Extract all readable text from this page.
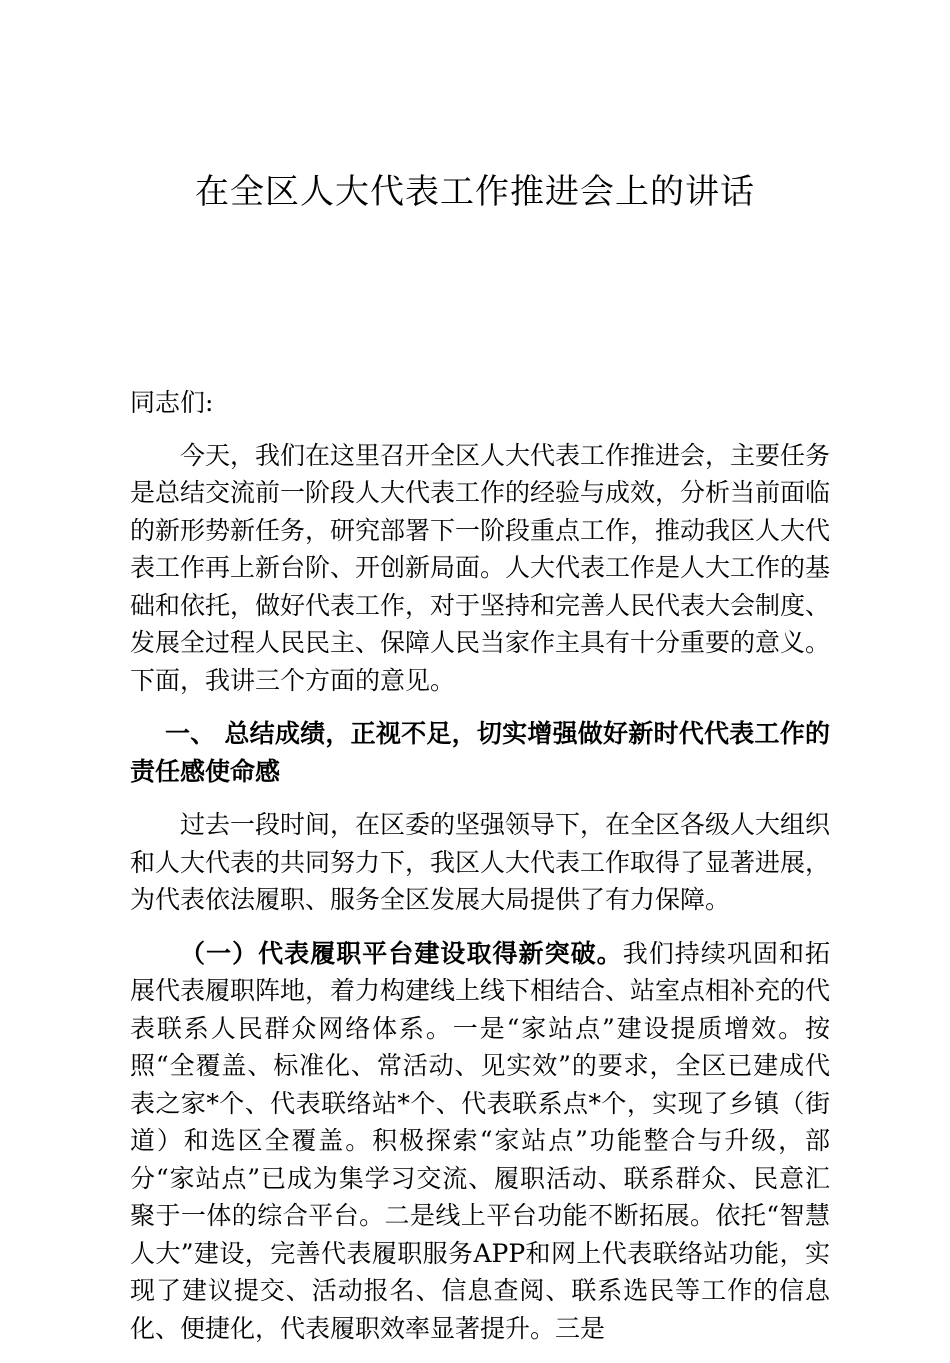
在全区人大代表工作推进会上的讲话

同志们:

今天，我们在这里召开全区人大代表工作推进会，主要任务是总结交流前一阶段人大代表工作的经验与成效，分析当前面临的新形势新任务，研究部署下一阶段重点工作，推动我区人大代表工作再上新台阶、开创新局面。人大代表工作是人大工作的基础和依托，做好代表工作，对于坚持和完善人民代表大会制度、发展全过程人民民主、保障人民当家作主具有十分重要的意义。下面，我讲三个方面的意见。

一、 总结成绩，正视不足，切实增强做好新时代代表工作的责任感使命感

过去一段时间，在区委的坚强领导下，在全区各级人大组织和人大代表的共同努力下，我区人大代表工作取得了显著进展，为代表依法履职、服务全区发展大局提供了有力保障。

（一）代表履职平台建设取得新突破。我们持续巩固和拓展代表履职阵地，着力构建线上线下相结合、站室点相补充的代表联系人民群众网络体系。一是“家站点”建设提质增效。按照“全覆盖、标准化、常活动、见实效”的要求，全区已建成代表之家*个、代表联络站*个、代表联系点*个，实现了乡镇（街道）和选区全覆盖。积极探索“家站点”功能整合与升级，部分“家站点”已成为集学习交流、履职活动、联系群众、民意汇聚于一体的综合平台。二是线上平台功能不断拓展。依托“智慧人大”建设，完善代表履职服务APP和网上代表联络站功能，实现了建议提交、活动报名、信息查阅、联系选民等工作的信息化、便捷化，代表履职效率显著提升。三是
